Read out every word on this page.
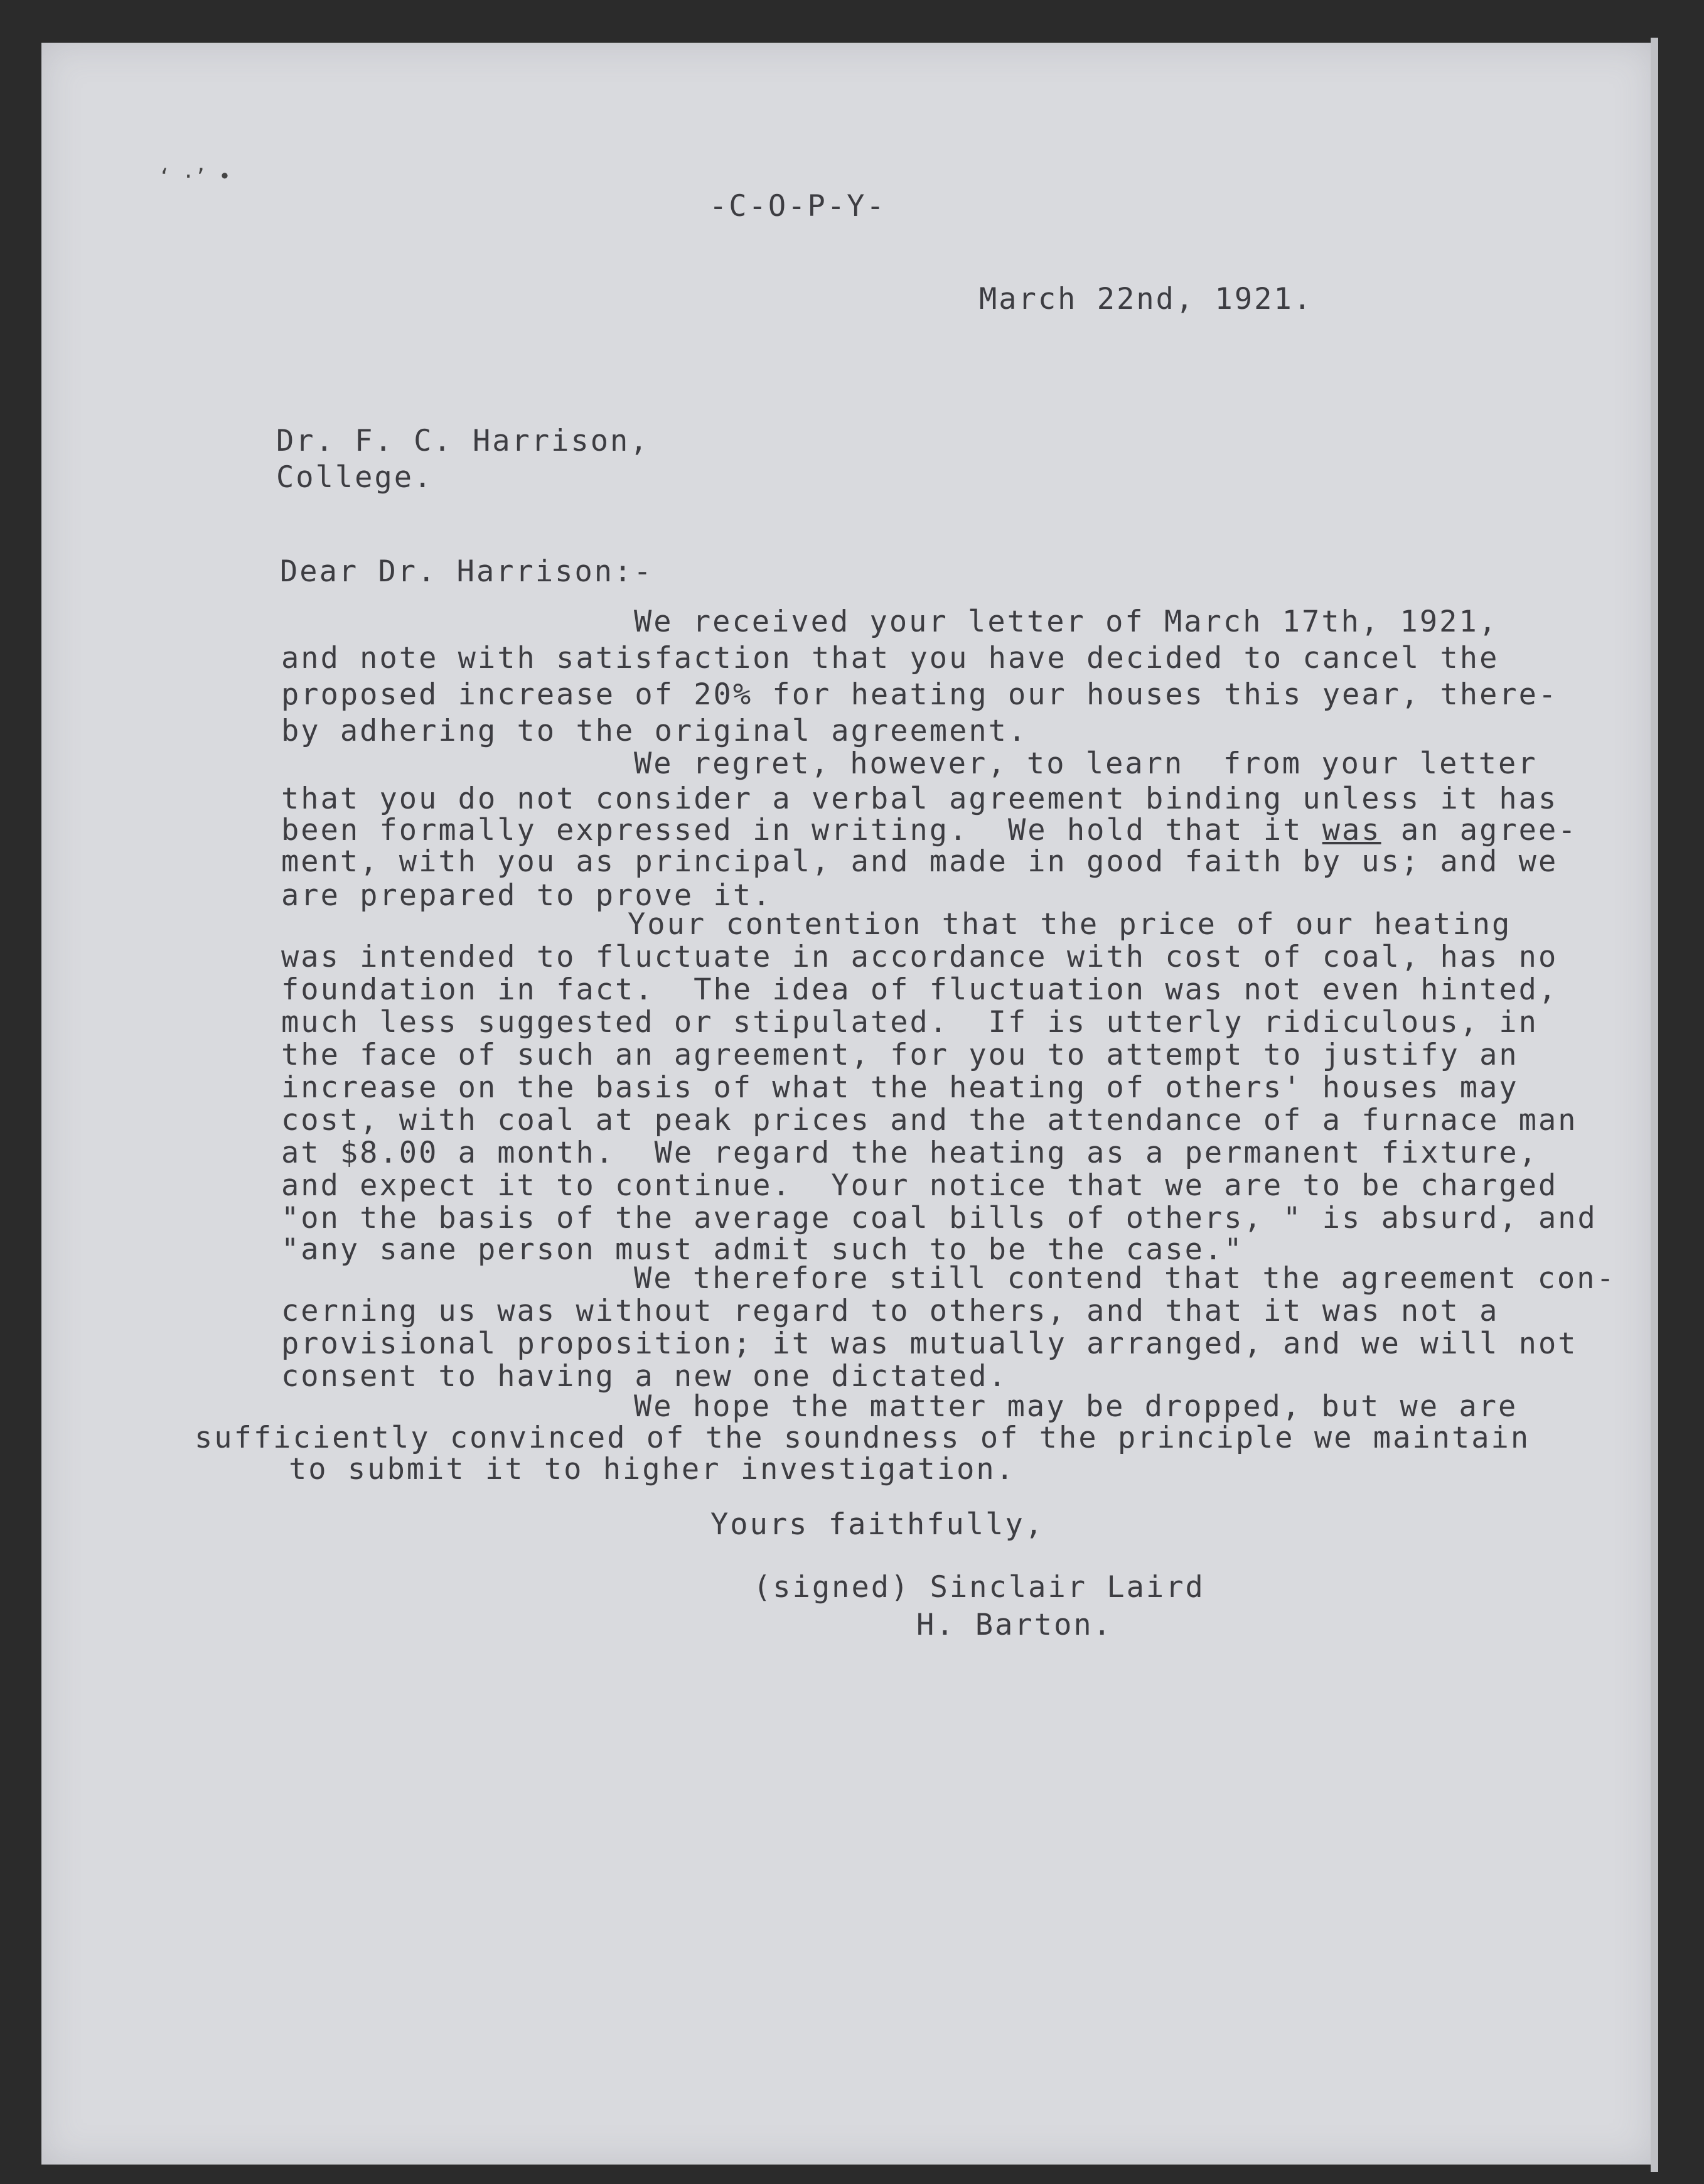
‘ ·’ •
-C-O-P-Y-
March 22nd, 1921.
Dr. F. C. Harrison,
College.
Dear Dr. Harrison:-
We received your letter of March 17th, 1921,
and note with satisfaction that you have decided to cancel the
proposed increase of 20% for heating our houses this year, there-
by adhering to the original agreement.
We regret, however, to learn  from your letter
that you do not consider a verbal agreement binding unless it has
been formally expressed in writing.  We hold that it was an agree-
ment, with you as principal, and made in good faith by us; and we
are prepared to prove it.
Your contention that the price of our heating
was intended to fluctuate in accordance with cost of coal, has no
foundation in fact.  The idea of fluctuation was not even hinted,
much less suggested or stipulated.  If is utterly ridiculous, in
the face of such an agreement, for you to attempt to justify an
increase on the basis of what the heating of others' houses may
cost, with coal at peak prices and the attendance of a furnace man
at $8.00 a month.  We regard the heating as a permanent fixture,
and expect it to continue.  Your notice that we are to be charged
"on the basis of the average coal bills of others, " is absurd, and
"any sane person must admit such to be the case."
We therefore still contend that the agreement con-
cerning us was without regard to others, and that it was not a
provisional proposition; it was mutually arranged, and we will not
consent to having a new one dictated.
We hope the matter may be dropped, but we are
sufficiently convinced of the soundness of the principle we maintain
to submit it to higher investigation.
Yours faithfully,
(signed) Sinclair Laird
H. Barton.
